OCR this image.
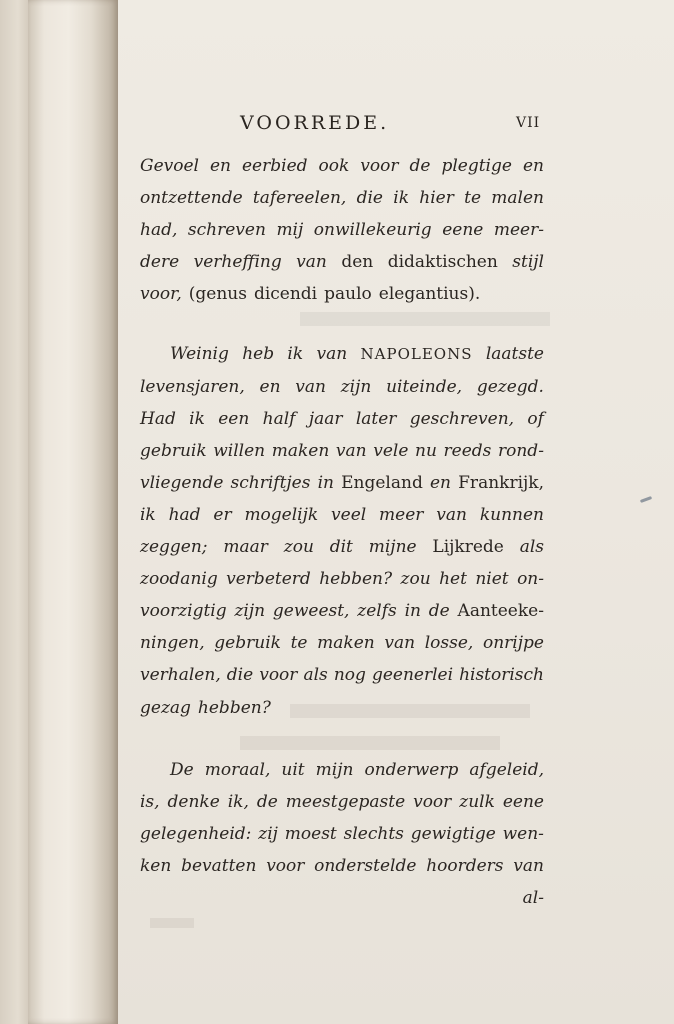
VOORREDE.	VII
Gevoel en eerbied ook voor de plegtige en
ontzettende tafereelen, die ik hier te malen
had, schreven mij onwillekeurig eene meer-
dere verheffing van den didaktischen stijl
voor, (genus dicendi paulo elegantius).
Weinig heb ik van NAPOLEONS laatste
levensjaren, en van zijn uiteinde, gezegd.
Had ik een half jaar later geschreven, of
gebruik willen maken van vele nu reeds rond-
vliegende schriftjes in Engeland en Frankrijk,
ik had er mogelijk veel meer van kunnen
zeggen; maar zou dit mijne Lijkrede als
zoodanig verbeterd hebben? zou het niet on-
voorzigtig zijn geweest, zelfs in de Aanteeke-
ningen, gebruik te maken van losse, onrijpe
verhalen, die voor als nog geenerlei historisch
gezag hebben?
De moraal, uit mijn onderwerp afgeleid,
is, denke ik, de meestgepaste voor zulk eene
gelegenheid: zij moest slechts gewigtige wen-
ken bevatten voor onderstelde hoorders van
al-
